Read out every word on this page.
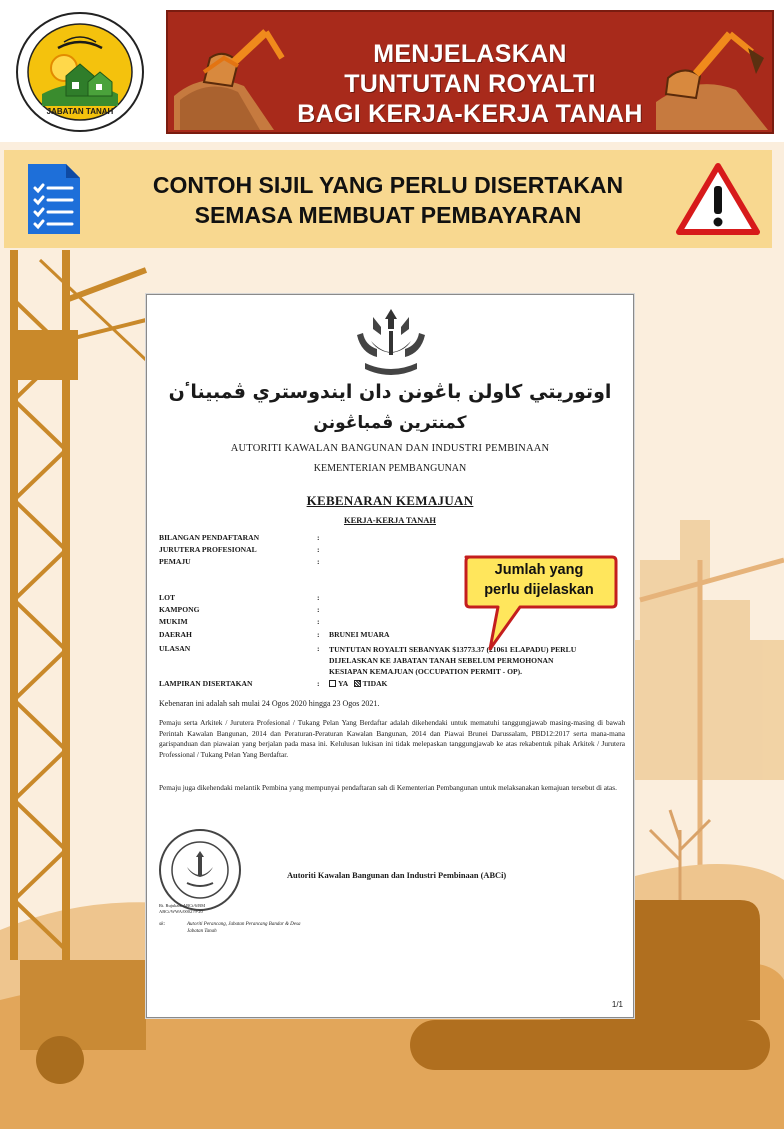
JABATAN TANAH
MENJELASKAN
TUNTUTAN ROYALTI
BAGI KERJA-KERJA TANAH
CONTOH SIJIL YANG PERLU DISERTAKAN
SEMASA MEMBUAT PEMBAYARAN
اوتوريتي كاولن باڠونن دان ايندوستري ڤمبيناٴن
كمنترين ڤمباڠونن
AUTORITI KAWALAN BANGUNAN DAN INDUSTRI PEMBINAAN
KEMENTERIAN PEMBANGUNAN
KEBENARAN KEMAJUAN
KERJA-KERJA TANAH
BILANGAN PENDAFTARAN	:
JURUTERA PROFESIONAL	:
PEMAJU	:
LOT	:
KAMPONG	:
MUKIM	:
DAERAH	: BRUNEI MUARA
ULASAN	: TUNTUTAN ROYALTI SEBANYAK $13773.37 (21061 ELAPADU) PERLU DIJELASKAN KE JABATAN TANAH SEBELUM PERMOHONAN KESIAPAN KEMAJUAN (OCCUPATION PERMIT - OP).
LAMPIRAN DISERTAKAN	:	YA TIDAK
Kebenaran ini adalah sah mulai 24 Ogos 2020 hingga 23 Ogos 2021.
Pemaju serta Arkitek / Jurutera Profesional / Tukang Pelan Yang Berdaftar adalah dikehendaki untuk mematuhi tanggungjawab masing-masing di bawah Perintah Kawalan Bangunan, 2014 dan Peraturan-Peraturan Kawalan Bangunan, 2014 dan Piawai Brunei Darussalam, PBD12:2017 serta mana-mana garispanduan dan piawaian yang berjalan pada masa ini. Kelulusan lukisan ini tidak melepaskan tanggungjawab ke atas rekabentuk pihak Arkitek / Jurutera Professional / Tukang Pelan Yang Berdaftar.
Pemaju juga dikehendaki melantik Pembina yang mempunyai pendaftaran sah di Kementerian Pembangunan untuk melaksanakan kemajuan tersebut di atas.
Autoriti Kawalan Bangunan dan Industri Pembinaan (ABCi)
Rt. Rujukan: ABCi/6/BM
ABCi/WWA/000279-20
sk:	Autoriti Perancang, Jabatan Perancang Bandar & Desa
Jabatan Tanah
1/1
Jumlah yang
perlu dijelaskan
